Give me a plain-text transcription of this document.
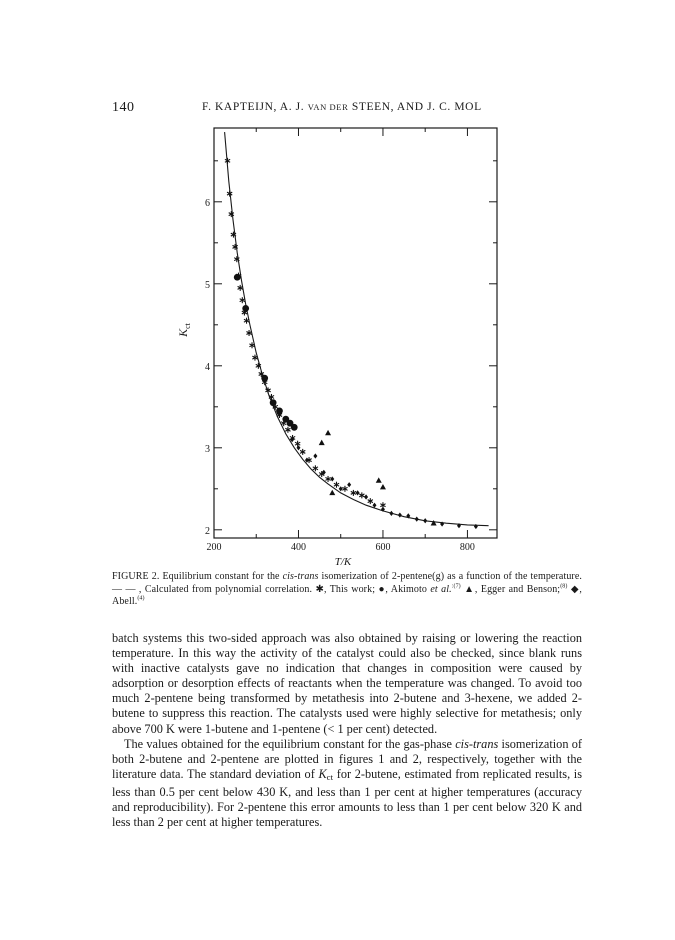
140	F. KAPTEIJN, A. J. VAN DER STEEN, AND J. C. MOL
200	400	600	800
2
3
4
5
6
T/K
$K_{ct}$

FIGURE 2. Equilibrium constant for the cis-trans isomerization of 2-pentene(g) as a function of the temperature. — — , Calculated from polynomial correlation. ✱, This work; ●, Akimoto et al.$^{:(7)}$ ▲, Egger and Benson;$^{(8)}$ ◆, Abell.$^{(4)}$

batch systems this two-sided approach was also obtained by raising or lowering the reaction temperature. In this way the activity of the catalyst could also be checked, since blank runs with inactive catalysts gave no indication that changes in composition were caused by adsorption or desorption effects of reactants when the temperature was changed. To avoid too much 2-pentene being transformed by metathesis into 2-butene and 3-hexene, we added 2-butene to suppress this reaction. The catalysts used were highly selective for metathesis; only above 700 K were 1-butene and 1-pentene (< 1 per cent) detected.

The values obtained for the equilibrium constant for the gas-phase cis-trans isomerization of both 2-butene and 2-pentene are plotted in figures 1 and 2, respectively, together with the literature data. The standard deviation of $K_{ct}$ for 2-butene, estimated from replicated results, is less than 0.5 per cent below 430 K, and less than 1 per cent at higher temperatures (accuracy and reproducibility). For 2-pentene this error amounts to less than 1 per cent below 320 K and less than 2 per cent at higher temperatures.
